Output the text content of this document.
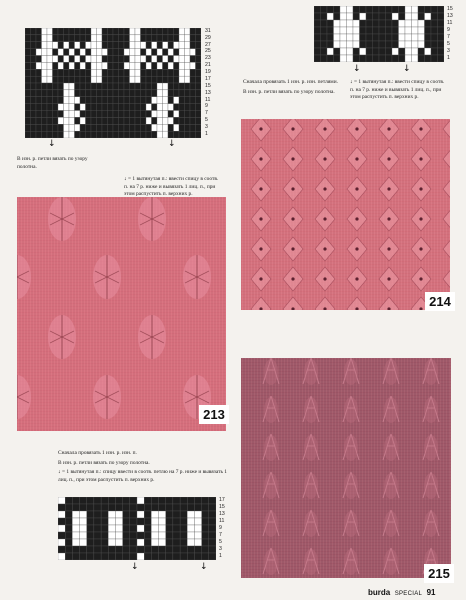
31
29
27
25
23
21
19
17
15
13
11
9
7
5
3
1
↓	↓

В изн. р. петли вязать по узору полотна.

↓ = 1 вытянутая п.: ввести спицу в соотв. п. на 7 р. ниже и вывязать 1 лиц. п., при этом распустить п. верхних р.

15
13
11
9
7
5
3
1
↓	↓

Сначала провязать 1 изн. р. изн. петлями.

В изн. р. петли вязать по узору полотна.

↓ = 1 вытянутая п.: ввести спицу в соотв. п. на 7 р. ниже и вывязать 1 лиц. п., при этом распустить п. верхних р.

213
214
215

Сначала провязать 1 изн. р. изн. п.

В изн. р. петли вязать по узору полотна.

↓ = 1 вытянутая п.: спицу ввести в соотв. петлю на 7 р. ниже и вывязать 1 лиц. п., при этом распустить п. верхних р.

17
15
13
11
9
7
5
3
1
↓	↓
burda SPECIAL 91
